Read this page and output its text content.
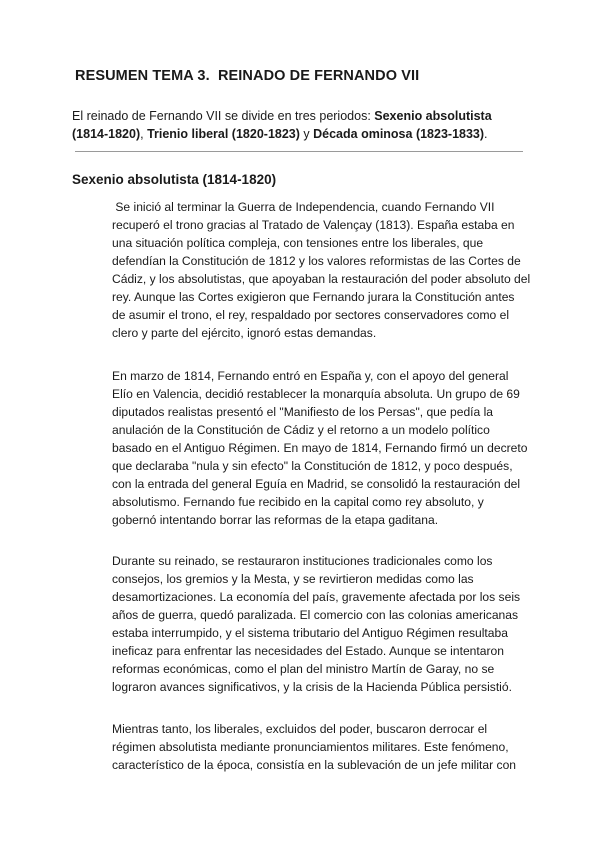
RESUMEN TEMA 3.  REINADO DE FERNANDO VII
El reinado de Fernando VII se divide en tres periodos: Sexenio absolutista (1814-1820), Trienio liberal (1820-1823) y Década ominosa (1823-1833).
Sexenio absolutista (1814-1820)
Se inició al terminar la Guerra de Independencia, cuando Fernando VII
recuperó el trono gracias al Tratado de Valençay (1813). España estaba en
una situación política compleja, con tensiones entre los liberales, que
defendían la Constitución de 1812 y los valores reformistas de las Cortes de
Cádiz, y los absolutistas, que apoyaban la restauración del poder absoluto del
rey. Aunque las Cortes exigieron que Fernando jurara la Constitución antes
de asumir el trono, el rey, respaldado por sectores conservadores como el
clero y parte del ejército, ignoró estas demandas.
En marzo de 1814, Fernando entró en España y, con el apoyo del general
Elío en Valencia, decidió restablecer la monarquía absoluta. Un grupo de 69
diputados realistas presentó el "Manifiesto de los Persas", que pedía la
anulación de la Constitución de Cádiz y el retorno a un modelo político
basado en el Antiguo Régimen. En mayo de 1814, Fernando firmó un decreto
que declaraba "nula y sin efecto" la Constitución de 1812, y poco después,
con la entrada del general Eguía en Madrid, se consolidó la restauración del
absolutismo. Fernando fue recibido en la capital como rey absoluto, y
gobernó intentando borrar las reformas de la etapa gaditana.
Durante su reinado, se restauraron instituciones tradicionales como los
consejos, los gremios y la Mesta, y se revirtieron medidas como las
desamortizaciones. La economía del país, gravemente afectada por los seis
años de guerra, quedó paralizada. El comercio con las colonias americanas
estaba interrumpido, y el sistema tributario del Antiguo Régimen resultaba
ineficaz para enfrentar las necesidades del Estado. Aunque se intentaron
reformas económicas, como el plan del ministro Martín de Garay, no se
lograron avances significativos, y la crisis de la Hacienda Pública persistió.
Mientras tanto, los liberales, excluidos del poder, buscaron derrocar el
régimen absolutista mediante pronunciamientos militares. Este fenómeno,
característico de la época, consistía en la sublevación de un jefe militar con
